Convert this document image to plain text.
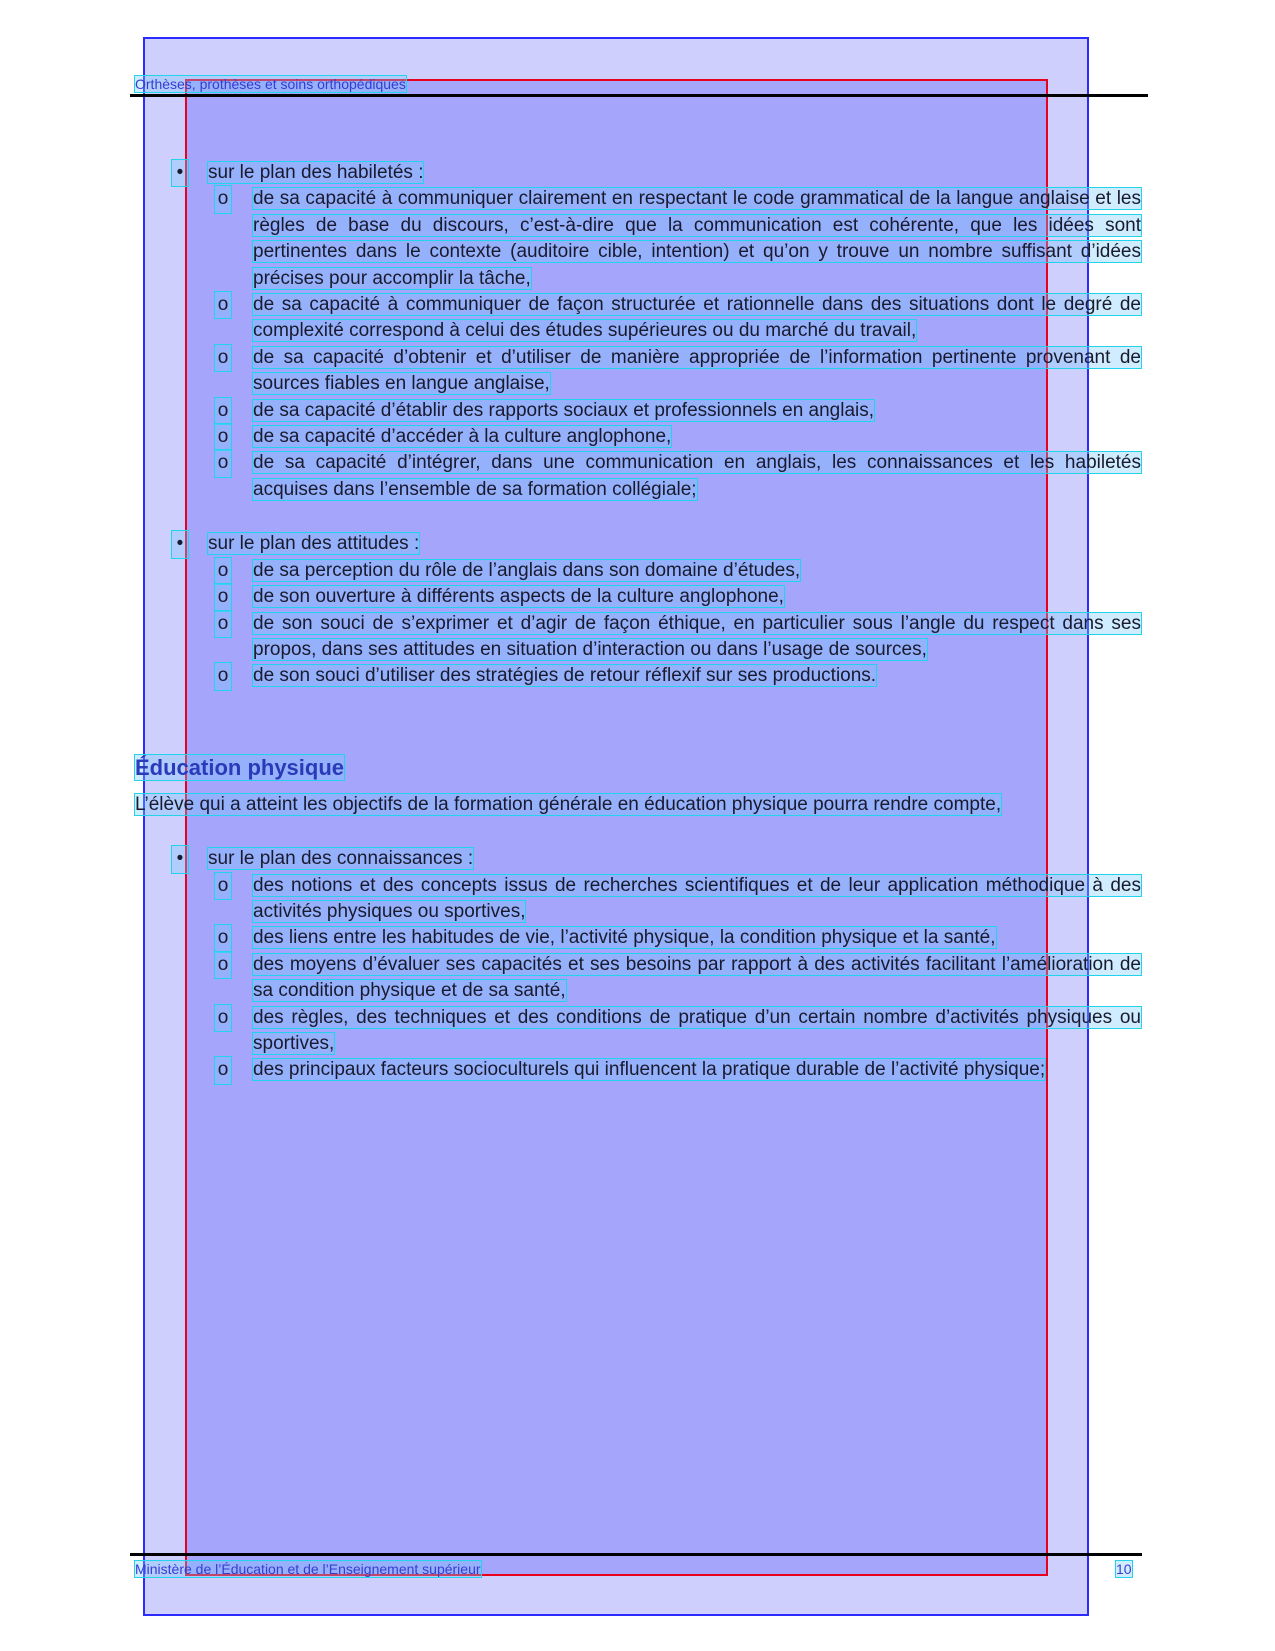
Orthèses, prothèses et soins orthopédiques
• sur le plan des habiletés :
o de sa capacité à communiquer clairement en respectant le code grammatical de la langue anglaise et les règles de base du discours, c’est-à-dire que la communication est cohérente, que les idées sont pertinentes dans le contexte (auditoire cible, intention) et qu’on y trouve un nombre suffisant d’idées précises pour accomplir la tâche,
o de sa capacité à communiquer de façon structurée et rationnelle dans des situations dont le degré de complexité correspond à celui des études supérieures ou du marché du travail,
o de sa capacité d’obtenir et d’utiliser de manière appropriée de l’information pertinente provenant de sources fiables en langue anglaise,
o de sa capacité d’établir des rapports sociaux et professionnels en anglais,
o de sa capacité d’accéder à la culture anglophone,
o de sa capacité d’intégrer, dans une communication en anglais, les connaissances et les habiletés acquises dans l’ensemble de sa formation collégiale;
• sur le plan des attitudes :
o de sa perception du rôle de l’anglais dans son domaine d’études,
o de son ouverture à différents aspects de la culture anglophone,
o de son souci de s’exprimer et d’agir de façon éthique, en particulier sous l’angle du respect dans ses propos, dans ses attitudes en situation d’interaction ou dans l’usage de sources,
o de son souci d’utiliser des stratégies de retour réflexif sur ses productions.
Éducation physique

L’élève qui a atteint les objectifs de la formation générale en éducation physique pourra rendre compte,

• sur le plan des connaissances :
o des notions et des concepts issus de recherches scientifiques et de leur application méthodique à des activités physiques ou sportives,
o des liens entre les habitudes de vie, l’activité physique, la condition physique et la santé,
o des moyens d’évaluer ses capacités et ses besoins par rapport à des activités facilitant l’amélioration de sa condition physique et de sa santé,
o des règles, des techniques et des conditions de pratique d’un certain nombre d’activités physiques ou sportives,
o des principaux facteurs socioculturels qui influencent la pratique durable de l’activité physique;
Ministère de l’Éducation et de l’Enseignement supérieur	10
